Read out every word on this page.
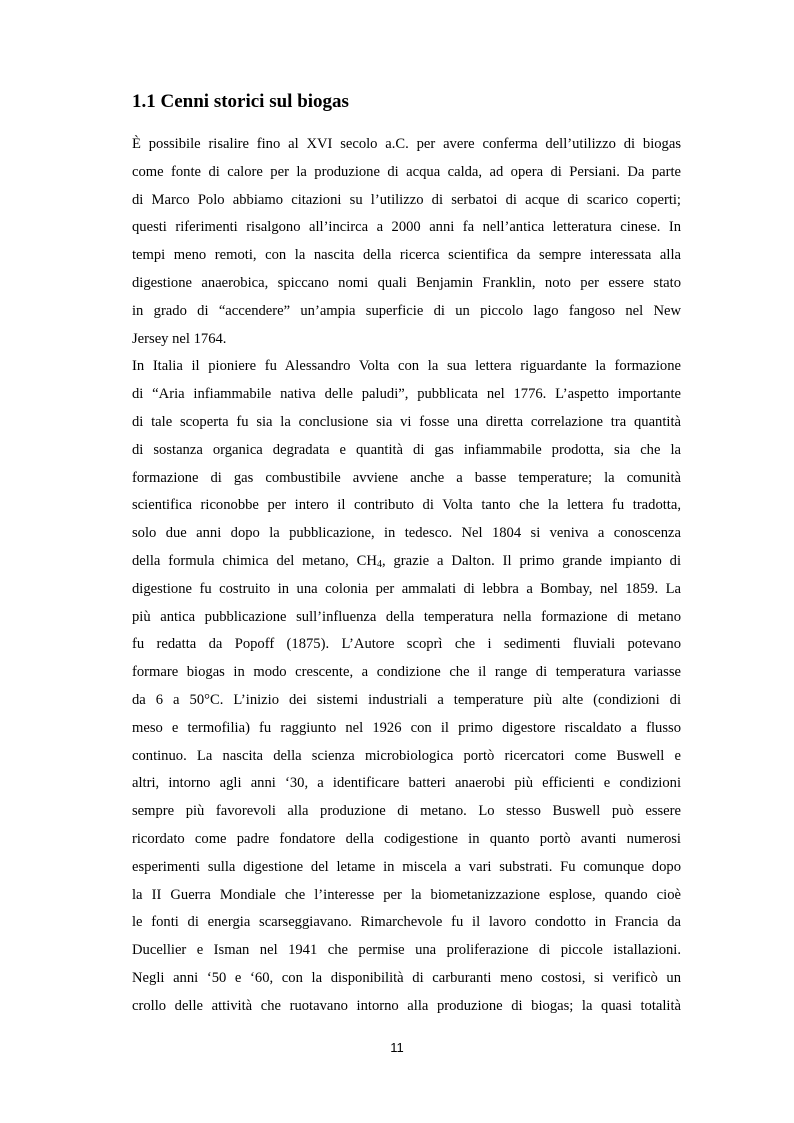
1.1 Cenni storici sul biogas
È possibile risalire fino al XVI secolo a.C. per avere conferma dell’utilizzo di biogas
come fonte di calore per la produzione di acqua calda, ad opera di Persiani. Da parte
di Marco Polo abbiamo citazioni su l’utilizzo di serbatoi di acque di scarico coperti;
questi riferimenti risalgono all’incirca a 2000 anni fa nell’antica letteratura cinese. In
tempi meno remoti, con la nascita della ricerca scientifica da sempre interessata alla
digestione anaerobica, spiccano nomi quali Benjamin Franklin, noto per essere stato
in grado di “accendere” un’ampia superficie di un piccolo lago fangoso nel New
Jersey nel 1764.
In Italia il pioniere fu Alessandro Volta con la sua lettera riguardante la formazione
di “Aria infiammabile nativa delle paludi”, pubblicata nel 1776. L’aspetto importante
di tale scoperta fu sia la conclusione sia vi fosse una diretta correlazione tra quantità
di sostanza organica degradata e quantità di gas infiammabile prodotta, sia che la
formazione di gas combustibile avviene anche a basse temperature; la comunità
scientifica riconobbe per intero il contributo di Volta tanto che la lettera fu tradotta,
solo due anni dopo la pubblicazione, in tedesco. Nel 1804 si veniva a conoscenza
della formula chimica del metano, $CH_4$, grazie a Dalton. Il primo grande impianto di
digestione fu costruito in una colonia per ammalati di lebbra a Bombay, nel 1859. La
più antica pubblicazione sull’influenza della temperatura nella formazione di metano
fu redatta da Popoff (1875). L’Autore scoprì che i sedimenti fluviali potevano
formare biogas in modo crescente, a condizione che il range di temperatura variasse
da 6 a 50°C. L’inizio dei sistemi industriali a temperature più alte (condizioni di
meso e termofilia) fu raggiunto nel 1926 con il primo digestore riscaldato a flusso
continuo. La nascita della scienza microbiologica portò ricercatori come Buswell e
altri, intorno agli anni ‘30, a identificare batteri anaerobi più efficienti e condizioni
sempre più favorevoli alla produzione di metano. Lo stesso Buswell può essere
ricordato come padre fondatore della codigestione in quanto portò avanti numerosi
esperimenti sulla digestione del letame in miscela a vari substrati. Fu comunque dopo
la II Guerra Mondiale che l’interesse per la biometanizzazione esplose, quando cioè
le fonti di energia scarseggiavano. Rimarchevole fu il lavoro condotto in Francia da
Ducellier e Isman nel 1941 che permise una proliferazione di piccole istallazioni.
Negli anni ‘50 e ‘60, con la disponibilità di carburanti meno costosi, si verificò un
crollo delle attività che ruotavano intorno alla produzione di biogas; la quasi totalità
11
